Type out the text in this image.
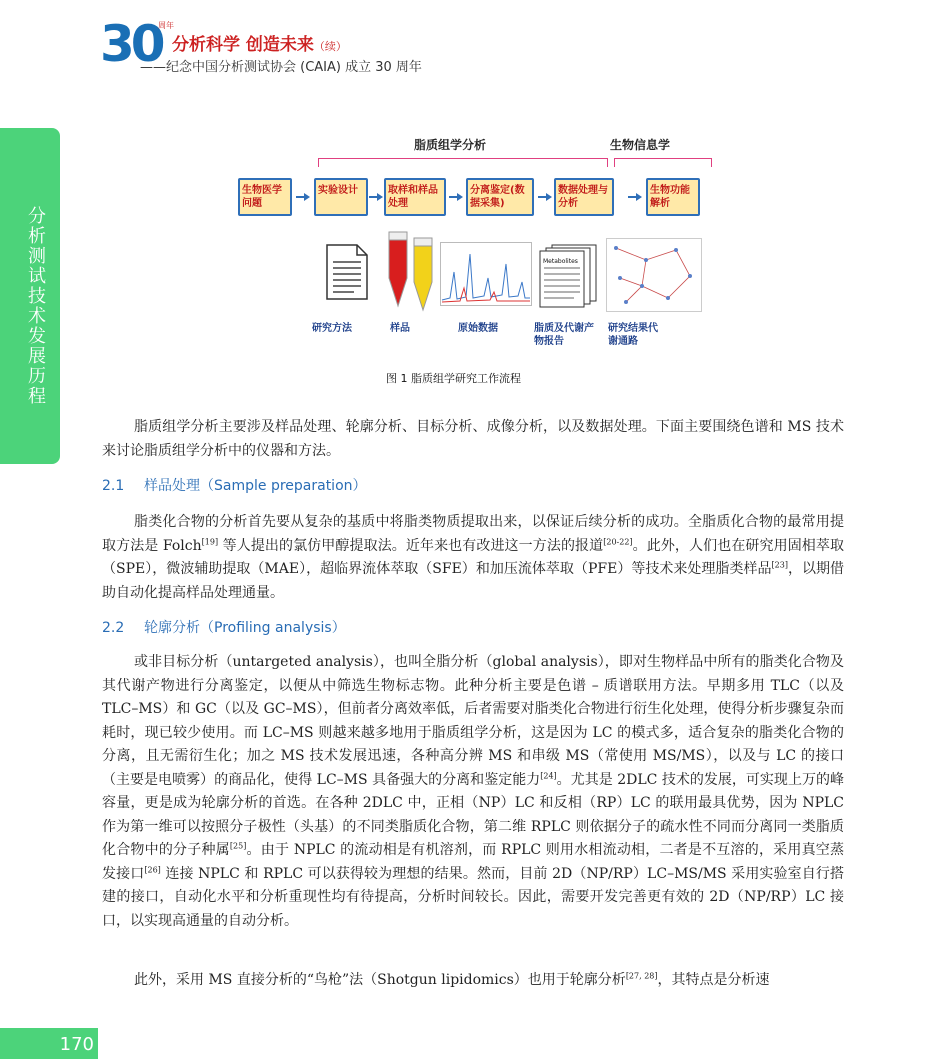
30
周年
分析科学 创造未来（续）
——纪念中国分析测试协会 (CAIA) 成立 30 周年
分析测试技术发展历程
脂质组学分析	生物信息学
生物医学问题
实验设计	取样和样品处理
分离鉴定(数据采集)
数据处理与分析
生物功能解析
Metabolites
研究方法	样品	原始数据	脂质及代谢产物报告
研究结果代谢通路
图 1 脂质组学研究工作流程

脂质组学分析主要涉及样品处理、轮廓分析、目标分析、成像分析，以及数据处理。下面主要围绕色谱和 MS 技术来讨论脂质组学分析中的仪器和方法。

2.1 样品处理（Sample preparation）

脂类化合物的分析首先要从复杂的基质中将脂类物质提取出来，以保证后续分析的成功。全脂质化合物的最常用提取方法是 Folch[19] 等人提出的氯仿甲醇提取法。近年来也有改进这一方法的报道[20-22]。此外，人们也在研究用固相萃取（SPE），微波辅助提取（MAE），超临界流体萃取（SFE）和加压流体萃取（PFE）等技术来处理脂类样品[23]，以期借助自动化提高样品处理通量。

2.2 轮廓分析（Profiling analysis）

或非目标分析（untargeted analysis），也叫全脂分析（global analysis），即对生物样品中所有的脂类化合物及其代谢产物进行分离鉴定，以便从中筛选生物标志物。此种分析主要是色谱 – 质谱联用方法。早期多用 TLC（以及 TLC–MS）和 GC（以及 GC–MS），但前者分离效率低，后者需要对脂类化合物进行衍生化处理，使得分析步骤复杂而耗时，现已较少使用。而 LC–MS 则越来越多地用于脂质组学分析，这是因为 LC 的模式多，适合复杂的脂类化合物的分离，且无需衍生化；加之 MS 技术发展迅速，各种高分辨 MS 和串级 MS（常使用 MS/MS），以及与 LC 的接口（主要是电喷雾）的商品化，使得 LC–MS 具备强大的分离和鉴定能力[24]。尤其是 2DLC 技术的发展，可实现上万的峰容量，更是成为轮廓分析的首选。在各种 2DLC 中，正相（NP）LC 和反相（RP）LC 的联用最具优势，因为 NPLC 作为第一维可以按照分子极性（头基）的不同类脂质化合物，第二维 RPLC 则依据分子的疏水性不同而分离同一类脂质化合物中的分子种属[25]。由于 NPLC 的流动相是有机溶剂，而 RPLC 则用水相流动相，二者是不互溶的，采用真空蒸发接口[26] 连接 NPLC 和 RPLC 可以获得较为理想的结果。然而，目前 2D（NP/RP）LC–MS/MS 采用实验室自行搭建的接口，自动化水平和分析重现性均有待提高，分析时间较长。因此，需要开发完善更有效的 2D（NP/RP）LC 接口，以实现高通量的自动分析。

此外，采用 MS 直接分析的“鸟枪”法（Shotgun lipidomics）也用于轮廓分析[27, 28]，其特点是分析速

170
